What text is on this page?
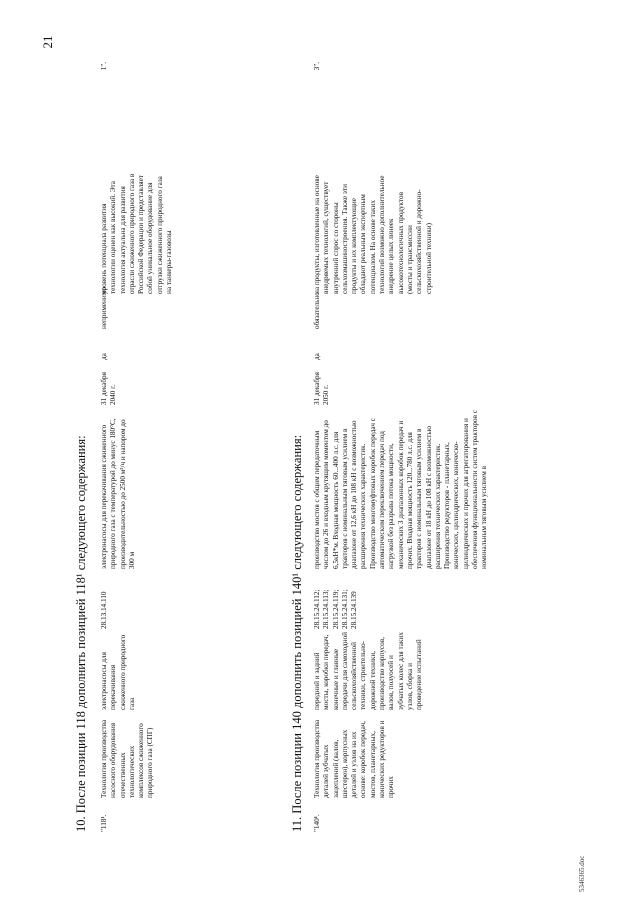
21
10. После позиции 118 дополнить позицией 118¹ следующего содержания: "118¹.
Технология производства насосного оборудования отечественных технологических комплексов сжиженного природного газа (СПГ)
электронасосы для перекачивания сжиженного природного газа
28.13.14.110
электронасосы для перекачивания сжиженного природного газа с температурой до минус 180°C, производительностью до 2500 м³/ч и напором до 300 м
31 декабря 2040 г.
да
неприменимо
уровень потенциала развития технологии оценен как высокий. Эта технология актуальна для развития отрасли сжиженного природного газа в Российской Федерации и представляет собой уникальное оборудование для отгрузки сжиженного природного газа на танкеры-газовозы
1".
11. После позиции 140 дополнить позицией 140¹ следующего содержания: "140¹.
Технология производства деталей зубчатых зацеплений (валов, шестерен), корпусных деталей и узлов на их основе: коробок передач, мостов, планетарных, конических редукторов и прочих
передний и задний мосты, коробки передач, конечные и главные передачи для самоходной сельскохозяйственной техники, строительно-дорожной техники, производство корпусов, валов, полуосей и зубчатых колес для таких узлов, сборка и проведение испытаний
28.15.24.112;
28.15.24.113;
28.15.24.119;
28.15.24.131;
28.15.24.139
производство мостов с общим передаточным числом до 26 и входным крутящим моментом до 6,5кН*м. Входная мощность 60...400 л.с. для тракторов с номинальным тяговым усилием в диапазоне от 12,6 кН до 108 кН с возможностью расширения технических характеристик. Производство многомуфтовых коробок передач с автоматическим переключением передач под нагрузкой без разрыва потока мощности, механических 3 диапазонных коробок передач и прочих. Входная мощность 120...780 л.с. для тракторов с номинальным тяговым усилием в диапазоне от 18 кН до 108 кН с возможностью расширения технических характеристик. Производство редукторов - планетарных, конических, цилиндрических, коническо-цилиндрических и прочих для агрегатирования и обеспечения функциональности систем тракторов с номинальным тяговым усилием в
31 декабря 2050 г.
да
обязательно
на продукты, изготовленные на основе внедряемых технологий, существует внутренний спрос со стороны сельхозмашиностроения. Также эти продукты и их комплектующие обладают реальным экспортным потенциалом. На основе таких технологий возможно дополнительное внедрение целых линеек высокотехнологичных продуктов (мосты и трансмиссии сельскохозяйственной и дорожно-строительной техники)
3".
5346365.doc
